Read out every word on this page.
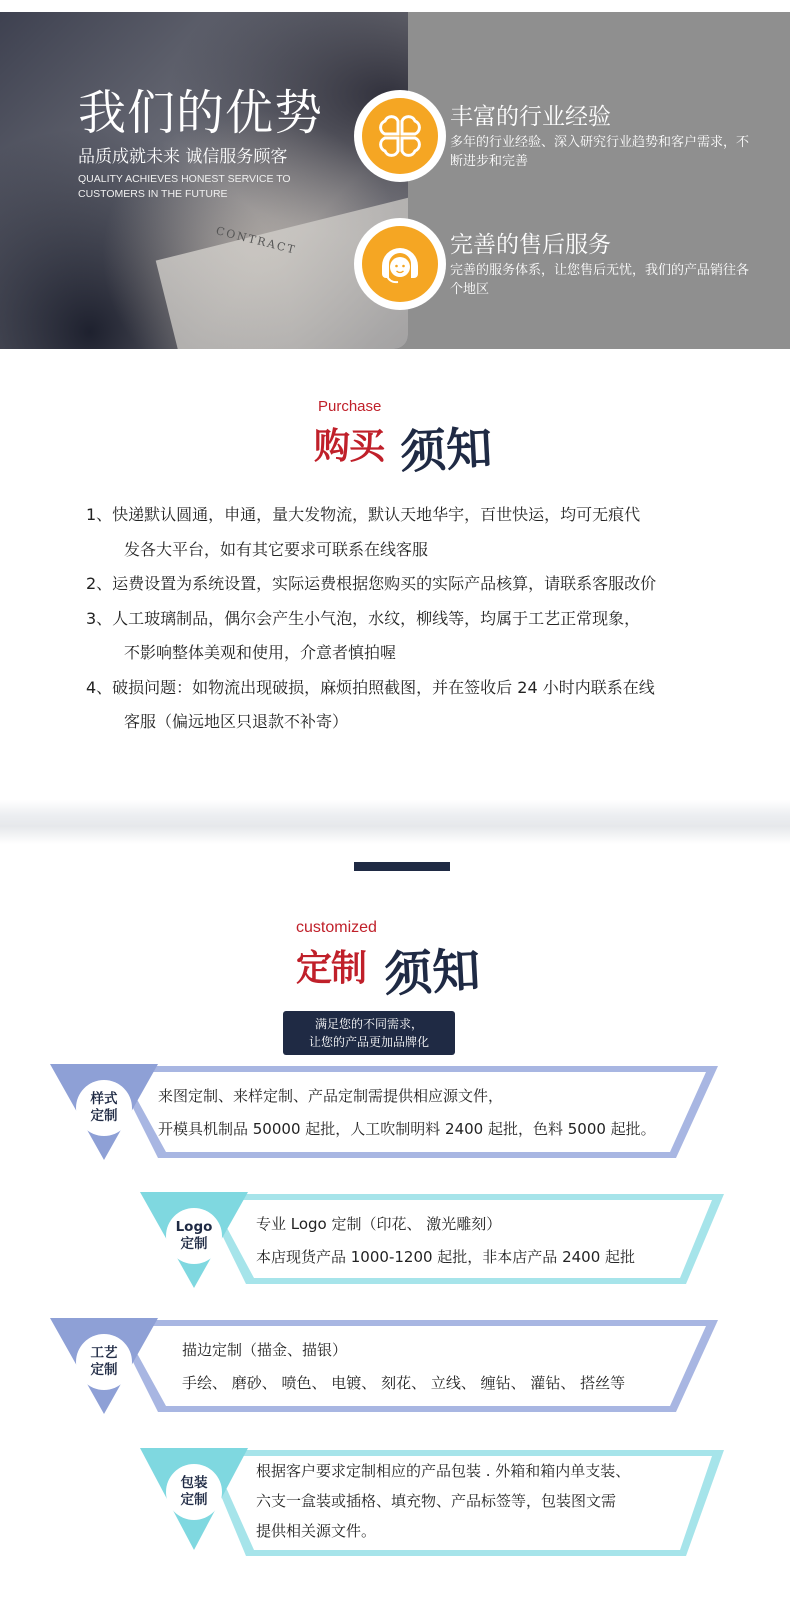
CONTRACT
我们的优势
品质成就未来 诚信服务顾客
QUALITY ACHIEVES HONEST SERVICE TO CUSTOMERS IN THE FUTURE
丰富的行业经验
多年的行业经验、深入研究行业趋势和客户需求，不断进步和完善
完善的售后服务
完善的服务体系，让您售后无忧，我们的产品销往各个地区
Purchase
购买 须知
1、快递默认圆通，申通，量大发物流，默认天地华宇，百世快运，均可无痕代
发各大平台，如有其它要求可联系在线客服
2、运费设置为系统设置，实际运费根据您购买的实际产品核算，请联系客服改价
3、人工玻璃制品，偶尔会产生小气泡，水纹，柳线等，均属于工艺正常现象，
不影响整体美观和使用，介意者慎拍喔
4、破损问题：如物流出现破损，麻烦拍照截图，并在签收后 24 小时内联系在线
客服（偏远地区只退款不补寄）
customized
定制 须知
满足您的不同需求，
让您的产品更加品牌化
样式
定制
来图定制、来样定制、产品定制需提供相应源文件，
开模具机制品 50000 起批，人工吹制明料 2400 起批，色料 5000 起批。
Logo
定制
专业 Logo 定制（印花、 激光雕刻）
本店现货产品 1000-1200 起批，非本店产品 2400 起批
工艺
定制
描边定制（描金、描银）
手绘、 磨砂、 喷色、 电镀、 刻花、 立线、 缠钻、 灌钻、 搭丝等
包装
定制
根据客户要求定制相应的产品包装 . 外箱和箱内单支装、
六支一盒装或插格、填充物、产品标签等，包装图文需
提供相关源文件。
